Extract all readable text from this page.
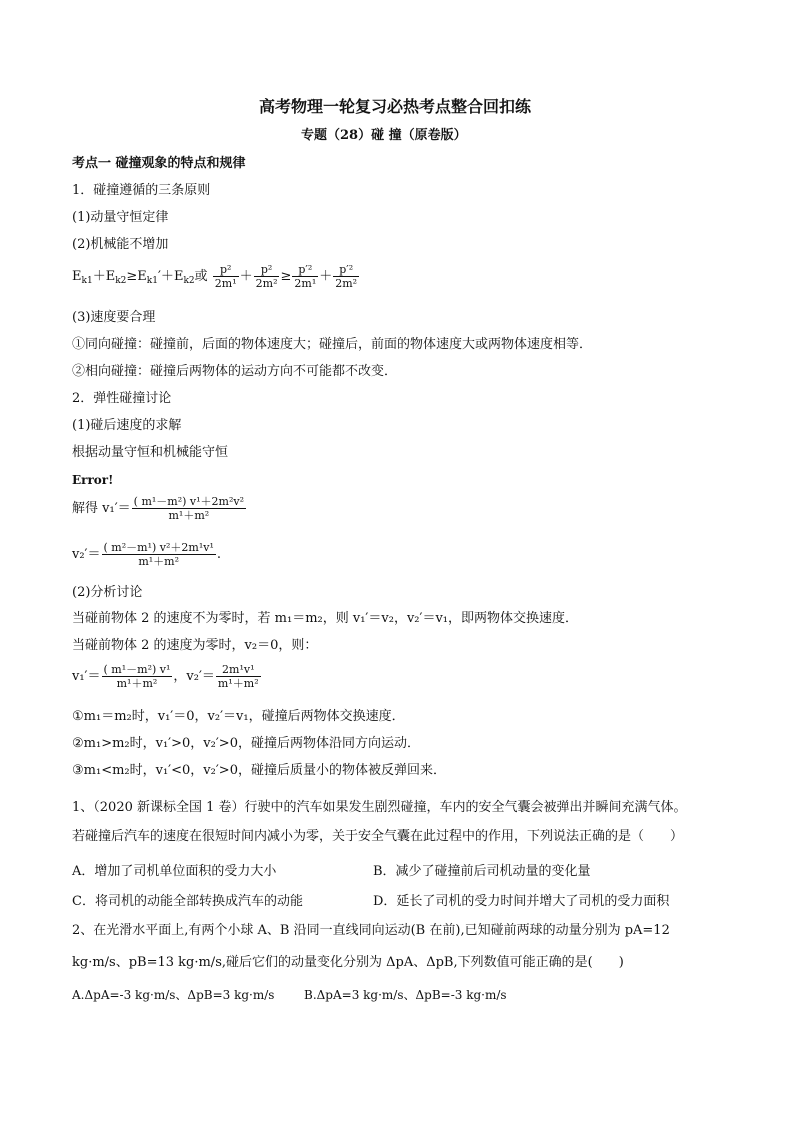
高考物理一轮复习必热考点整合回扣练
专题（28）碰 撞（原卷版）
考点一 碰撞观象的特点和规律
1．碰撞遵循的三条原则
(1)动量守恒定律
(2)机械能不增加
$E_{k1}+E_{k2}\ge E_{k1}'+E_{k2}$或 $\frac{\text{p²}}{\text{2m¹}} + \frac{\text{p²}}{\text{2m²}} \ge \frac{\text{p′²}}{\text{2m¹}} + \frac{\text{p′²}}{\text{2m²}}$
(3)速度要合理
①同向碰撞：碰撞前，后面的物体速度大；碰撞后，前面的物体速度大或两物体速度相等．
②相向碰撞：碰撞后两物体的运动方向不可能都不改变．
2．弹性碰撞讨论
(1)碰后速度的求解
根据动量守恒和机械能守恒
Error!
解得 $v_1'= \frac{\text{( m¹－m²) v¹＋2m²v²}}{\text{m¹＋m²}}$
$v_2'= \frac{\text{( m²－m¹) v²＋2m¹v¹}}{\text{m¹＋m²}}$ .
(2)分析讨论
当碰前物体 2 的速度不为零时，若 m₁＝m₂，则 v₁′＝v₂，v₂′＝v₁，即两物体交换速度．
当碰前物体 2 的速度为零时，v₂＝0，则：
$v_1'= \frac{\text{( m¹－m²) v¹}}{\text{m¹＋m²}}$ ，$v_2'= \frac{\text{2m¹v¹}}{\text{m¹＋m²}}$
①m₁＝m₂时，v₁′＝0，v₂′＝v₁，碰撞后两物体交换速度．
②m₁>m₂时，v₁′>0，v₂′>0，碰撞后两物体沿同方向运动．
③m₁<m₂时，v₁′<0，v₂′>0，碰撞后质量小的物体被反弹回来．
1、（2020 新课标全国 1 卷）行驶中的汽车如果发生剧烈碰撞，车内的安全气囊会被弹出并瞬间充满气体。
若碰撞后汽车的速度在很短时间内减小为零，关于安全气囊在此过程中的作用，下列说法正确的是（　　）
A．增加了司机单位面积的受力大小	B．减少了碰撞前后司机动量的变化量
C．将司机的动能全部转换成汽车的动能	D．延长了司机的受力时间并增大了司机的受力面积
2、在光滑水平面上,有两个小球 A、B 沿同一直线同向运动(B 在前),已知碰前两球的动量分别为 pA=12
kg·m/s、pB=13 kg·m/s,碰后它们的动量变化分别为 ΔpA、ΔpB,下列数值可能正确的是(　　)
A.ΔpA=-3 kg·m/s、ΔpB=3 kg·m/s B.ΔpA=3 kg·m/s、ΔpB=-3 kg·m/s
